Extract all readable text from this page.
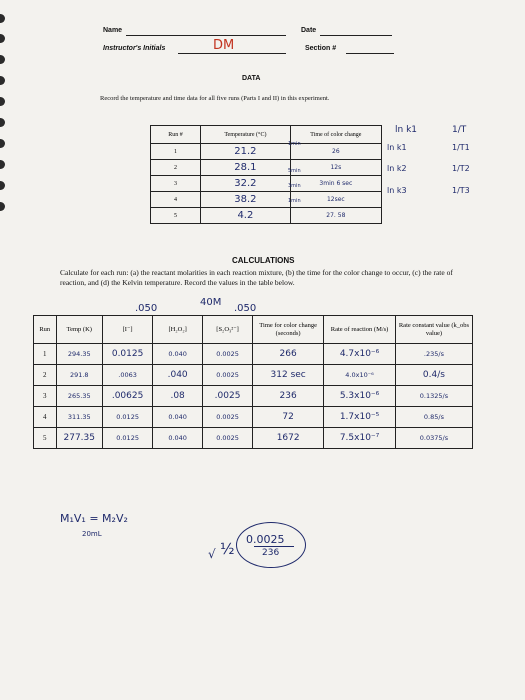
Name	Date
Instructor's Initials	DM	Section #
DATA
Record the temperature and time data for all five runs (Parts I and II) in this experiment.
Run #	Temperature (°C)	Time of color change
1	21.2	26
2	28.1	12s
3	32.2	3min 6 sec
4	38.2	12sec
5	4.2	27. 58
1min
5min
3min
1min
ln k1	1/T
ln k1	1/T1
ln k2	1/T2
ln k3	1/T3
CALCULATIONS
Calculate for each run: (a) the reactant molarities in each reaction mixture, (b) the time for the color change to occur, (c) the rate of reaction, and (d) the Kelvin temperature. Record the values in the table below.
.050
40M
.050
Run	Temp (K)	[I⁻]	[H₂O₂]	[S₂O₃²⁻]	Time for color change (seconds)	Rate of reaction (M/s)	Rate constant value (k_obs value)
1	294.35	0.0125	0.040	0.0025	266	4.7x10⁻⁶	.235/s
2	291.8	.0063	.040	0.0025	312 sec	4.0x10⁻⁶	0.4/s
3	265.35	.00625	.08	.0025	236	5.3x10⁻⁶	0.1325/s
4	311.35	0.0125	0.040	0.0025	72	1.7x10⁻⁵	0.85/s
5	277.35	0.0125	0.040	0.0025	1672	7.5x10⁻⁷	0.0375/s
M₁V₁ = M₂V₂
20mL
√ ½
0.0025
236
